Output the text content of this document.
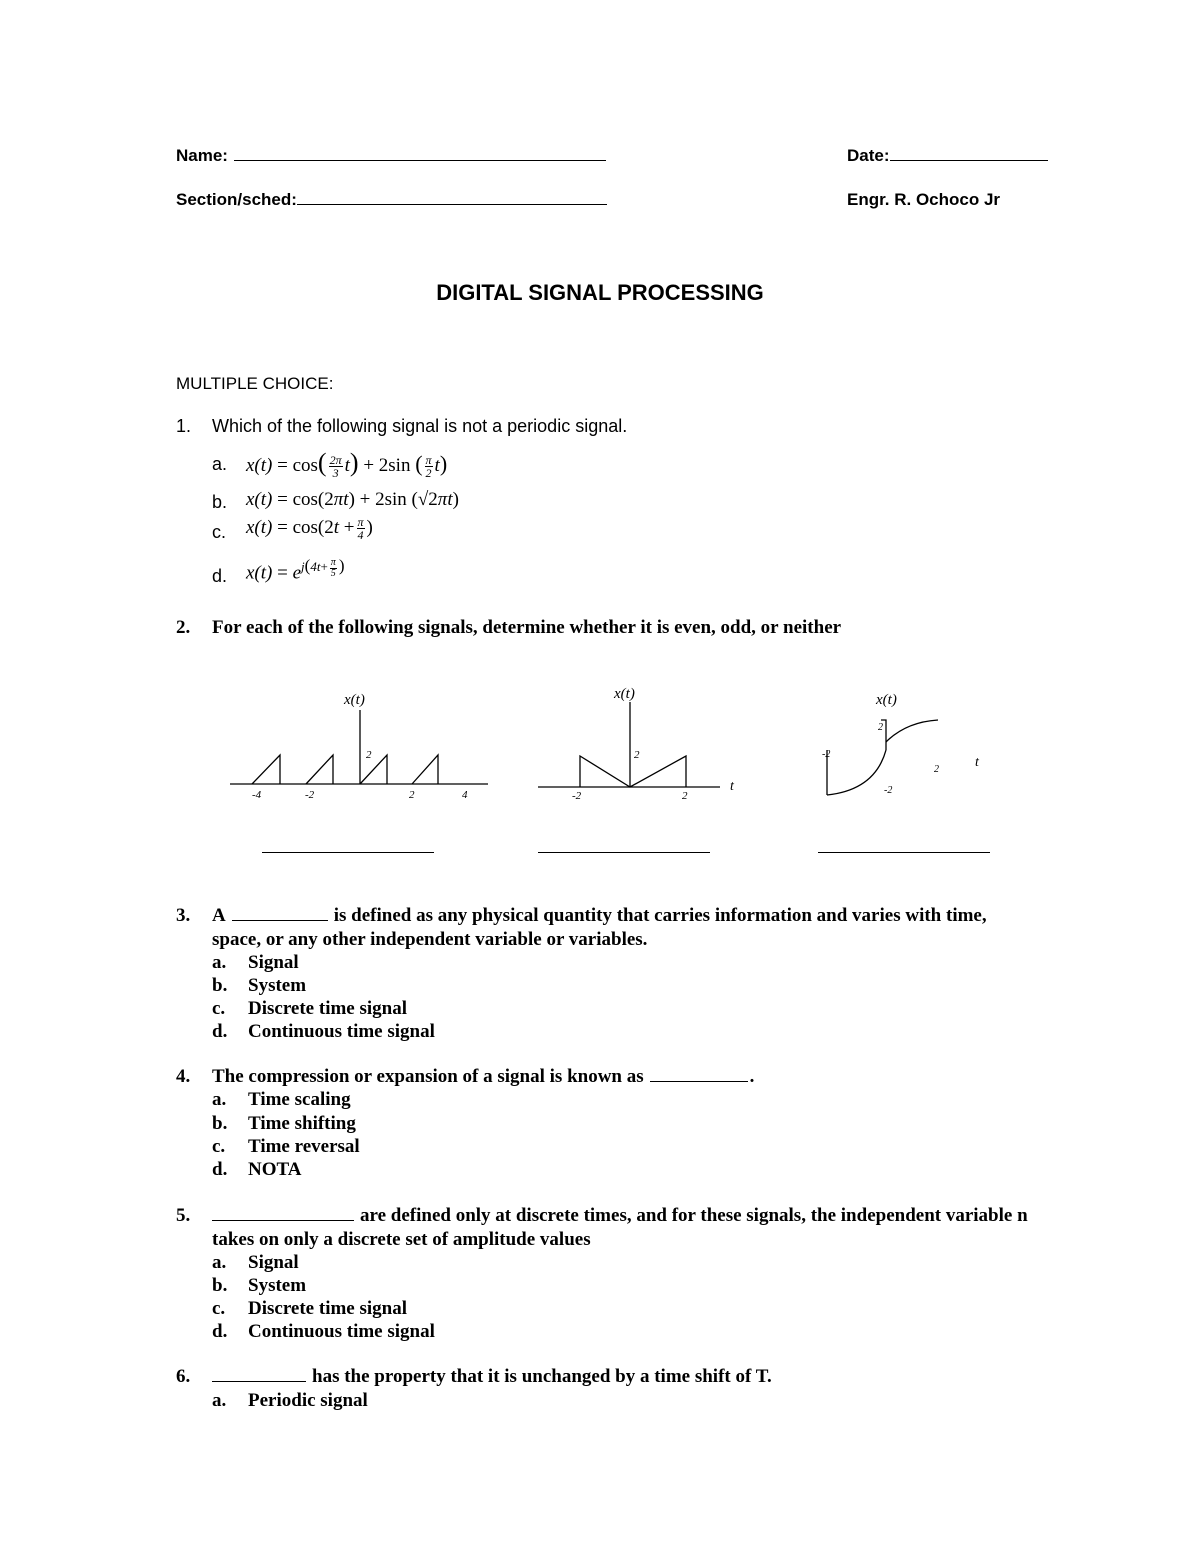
Name:	Date:
Section/sched:	Engr. R. Ochoco Jr
DIGITAL SIGNAL PROCESSING
MULTIPLE CHOICE:
1.	Which of the following signal is not a periodic signal.
a. $x(t) = \cos( \frac{2\pi}{3} t) + 2\sin$ ( $\frac{\pi}{2} t$)
b. x(t) = cos(2πt) + 2sin (√2πt)
c. $x(t) = \cos(2t + \frac{\pi}{4}$ )
d. $x(t) = e^{j(4t+ \frac{\pi}{5} )}$
2.	For each of the following signals, determine whether it is even, odd, or neither
x(t)
2
-4	-2	2	4
x(t)
2
-2	2
t
x(t)
2
-2
2
-2
t
3.	A	is defined as any physical quantity that carries information and varies with time,
space, or any other independent variable or variables.
a. Signal
b. System
c. Discrete time signal
d. Continuous time signal
4.	The compression or expansion of a signal is known as	.
a. Time scaling
b. Time shifting
c. Time reversal
d. NOTA
5.	are defined only at discrete times, and for these signals, the independent variable n
takes on only a discrete set of amplitude values
a. Signal
b. System
c. Discrete time signal
d. Continuous time signal
6.	has the property that it is unchanged by a time shift of T.
a. Periodic signal
